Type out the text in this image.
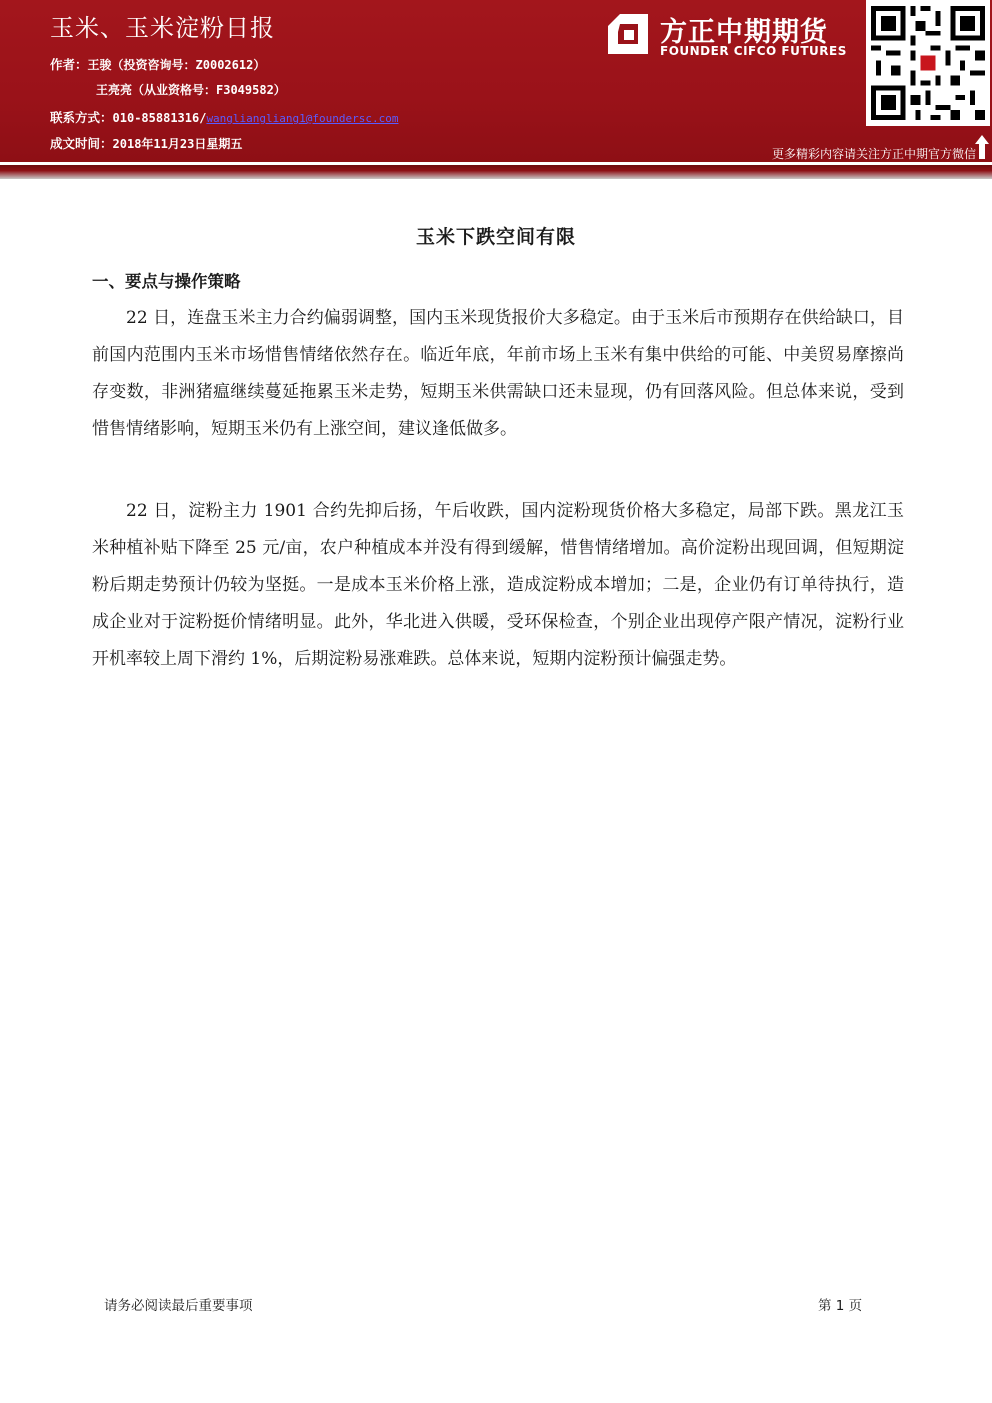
玉米、玉米淀粉日报
作者：王骏（投资咨询号：Z0002612）
王亮亮（从业资格号：F3049582）
联系方式：010-85881316/wangliangliang1@foundersc.com
成文时间：2018年11月23日星期五
方正中期期货
FOUNDER CIFCO FUTURES
更多精彩内容请关注方正中期官方微信
玉米下跌空间有限
一、要点与操作策略

22 日，连盘玉米主力合约偏弱调整，国内玉米现货报价大多稳定。由于玉米后市预期存在供给缺口，目前国内范围内玉米市场惜售情绪依然存在。临近年底，年前市场上玉米有集中供给的可能、中美贸易摩擦尚存变数，非洲猪瘟继续蔓延拖累玉米走势，短期玉米供需缺口还未显现，仍有回落风险。但总体来说，受到惜售情绪影响，短期玉米仍有上涨空间，建议逢低做多。

22 日，淀粉主力 1901 合约先抑后扬，午后收跌，国内淀粉现货价格大多稳定，局部下跌。黑龙江玉米种植补贴下降至 25 元/亩，农户种植成本并没有得到缓解，惜售情绪增加。高价淀粉出现回调，但短期淀粉后期走势预计仍较为坚挺。一是成本玉米价格上涨，造成淀粉成本增加；二是，企业仍有订单待执行，造成企业对于淀粉挺价情绪明显。此外，华北进入供暖，受环保检查，个别企业出现停产限产情况，淀粉行业开机率较上周下滑约 1%，后期淀粉易涨难跌。总体来说，短期内淀粉预计偏强走势。

请务必阅读最后重要事项	第 1 页
